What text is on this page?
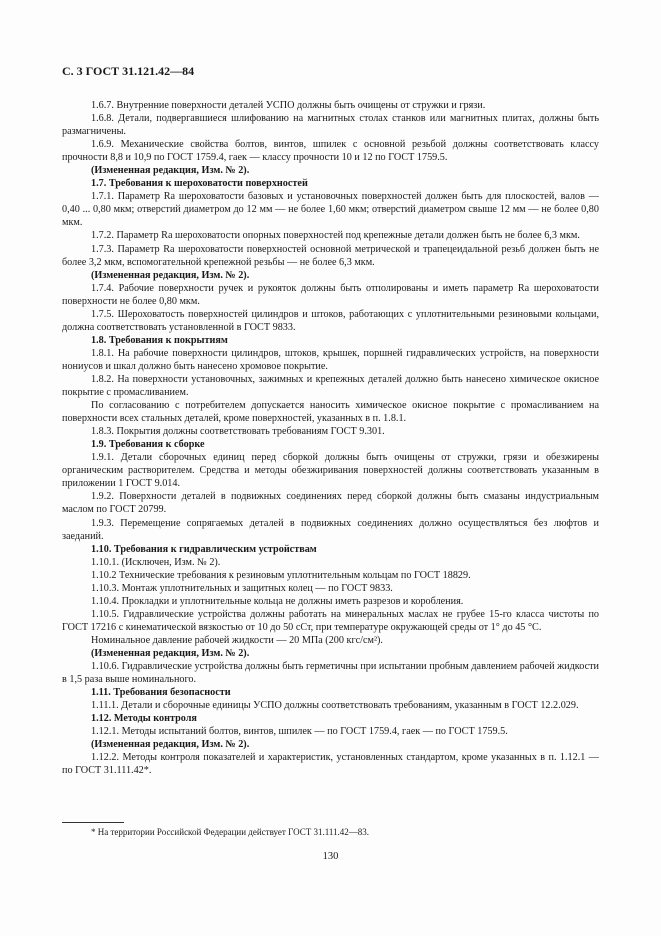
С. 3 ГОСТ 31.121.42—84

1.6.7. Внутренние поверхности деталей УСПО должны быть очищены от стружки и грязи.

1.6.8. Детали, подвергавшиеся шлифованию на магнитных столах станков или магнитных плитах, должны быть размагничены.

1.6.9. Механические свойства болтов, винтов, шпилек с основной резьбой должны соответствовать классу прочности 8,8 и 10,9 по ГОСТ 1759.4, гаек — классу прочности 10 и 12 по ГОСТ 1759.5.

(Измененная редакция, Изм. № 2).

1.7. Требования к шероховатости поверхностей

1.7.1. Параметр Ra шероховатости базовых и установочных поверхностей должен быть для плоскостей, валов — 0,40 ... 0,80 мкм; отверстий диаметром до 12 мм — не более 1,60 мкм; отверстий диаметром свыше 12 мм — не более 0,80 мкм.

1.7.2. Параметр Ra шероховатости опорных поверхностей под крепежные детали должен быть не более 6,3 мкм.

1.7.3. Параметр Ra шероховатости поверхностей основной метрической и трапецеидальной резьб должен быть не более 3,2 мкм, вспомогательной крепежной резьбы — не более 6,3 мкм.

(Измененная редакция, Изм. № 2).

1.7.4. Рабочие поверхности ручек и рукояток должны быть отполированы и иметь параметр Ra шероховатости поверхности не более 0,80 мкм.

1.7.5. Шероховатость поверхностей цилиндров и штоков, работающих с уплотнительными резиновыми кольцами, должна соответствовать установленной в ГОСТ 9833.

1.8. Требования к покрытиям

1.8.1. На рабочие поверхности цилиндров, штоков, крышек, поршней гидравлических устройств, на поверхности нониусов и шкал должно быть нанесено хромовое покрытие.

1.8.2. На поверхности установочных, зажимных и крепежных деталей должно быть нанесено химическое окисное покрытие с промасливанием.

По согласованию с потребителем допускается наносить химическое окисное покрытие с промасливанием на поверхности всех стальных деталей, кроме поверхностей, указанных в п. 1.8.1.

1.8.3. Покрытия должны соответствовать требованиям ГОСТ 9.301.

1.9. Требования к сборке

1.9.1. Детали сборочных единиц перед сборкой должны быть очищены от стружки, грязи и обезжирены органическим растворителем. Средства и методы обезжиривания поверхностей должны соответствовать указанным в приложении 1 ГОСТ 9.014.

1.9.2. Поверхности деталей в подвижных соединениях перед сборкой должны быть смазаны индустриальным маслом по ГОСТ 20799.

1.9.3. Перемещение сопрягаемых деталей в подвижных соединениях должно осуществляться без люфтов и заеданий.

1.10. Требования к гидравлическим устройствам

1.10.1. (Исключен, Изм. № 2).

1.10.2 Технические требования к резиновым уплотнительным кольцам по ГОСТ 18829.

1.10.3. Монтаж уплотнительных и защитных колец — по ГОСТ 9833.

1.10.4. Прокладки и уплотнительные кольца не должны иметь разрезов и коробления.

1.10.5. Гидравлические устройства должны работать на минеральных маслах не грубее 15-го класса чистоты по ГОСТ 17216 с кинематической вязкостью от 10 до 50 сСт, при температуре окружающей среды от 1° до 45 °С.

Номинальное давление рабочей жидкости — 20 МПа (200 кгс/см²).

(Измененная редакция, Изм. № 2).

1.10.6. Гидравлические устройства должны быть герметичны при испытании пробным давлением рабочей жидкости в 1,5 раза выше номинального.

1.11. Требования безопасности

1.11.1. Детали и сборочные единицы УСПО должны соответствовать требованиям, указанным в ГОСТ 12.2.029.

1.12. Методы контроля

1.12.1. Методы испытаний болтов, винтов, шпилек — по ГОСТ 1759.4, гаек — по ГОСТ 1759.5.

(Измененная редакция, Изм. № 2).

1.12.2. Методы контроля показателей и характеристик, установленных стандартом, кроме указанных в п. 1.12.1 — по ГОСТ 31.111.42*.

* На территории Российской Федерации действует ГОСТ 31.111.42—83.
130
